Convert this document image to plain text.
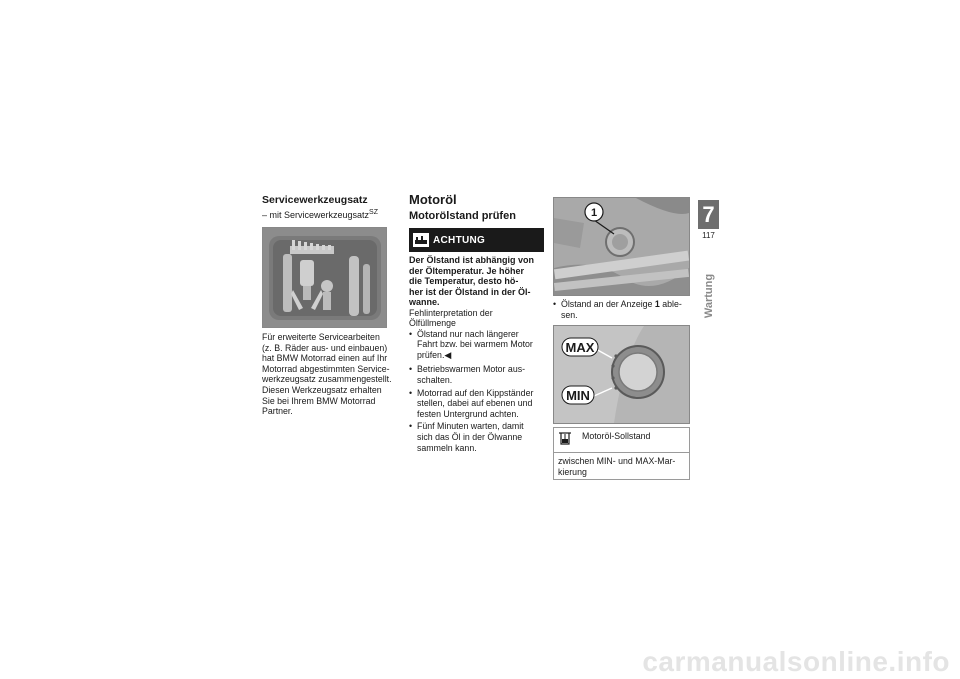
Servicewerkzeugsatz
– mit Servicewerkzeugsatz$^{SZ}$
Für erweiterte Servicearbeiten
(z. B. Räder aus- und einbauen)
hat BMW Motorrad einen auf Ihr
Motorrad abgestimmten Service-
werkzeugsatz zusammengestellt.
Diesen Werkzeugsatz erhalten
Sie bei Ihrem BMW Motorrad
Partner.
Motoröl
Motorölstand prüfen
ACHTUNG
Der Ölstand ist abhängig von
der Öltemperatur. Je höher
die Temperatur, desto hö-
her ist der Ölstand in der Öl-
wanne.
Fehlinterpretation der
Ölfüllmenge
• Ölstand nur nach längerer
Fahrt bzw. bei warmem Motor
prüfen.◀
• Betriebswarmen Motor aus-
schalten.
• Motorrad auf den Kippständer
stellen, dabei auf ebenen und
festen Untergrund achten.
• Fünf Minuten warten, damit
sich das Öl in der Ölwanne
sammeln kann.
1
• Ölstand an der Anzeige 1 able-
sen.
MAX
MIN
Motoröl-Sollstand
zwischen MIN- und MAX-Mar-
kierung
7
117
Wartung
carmanualsonline.info
